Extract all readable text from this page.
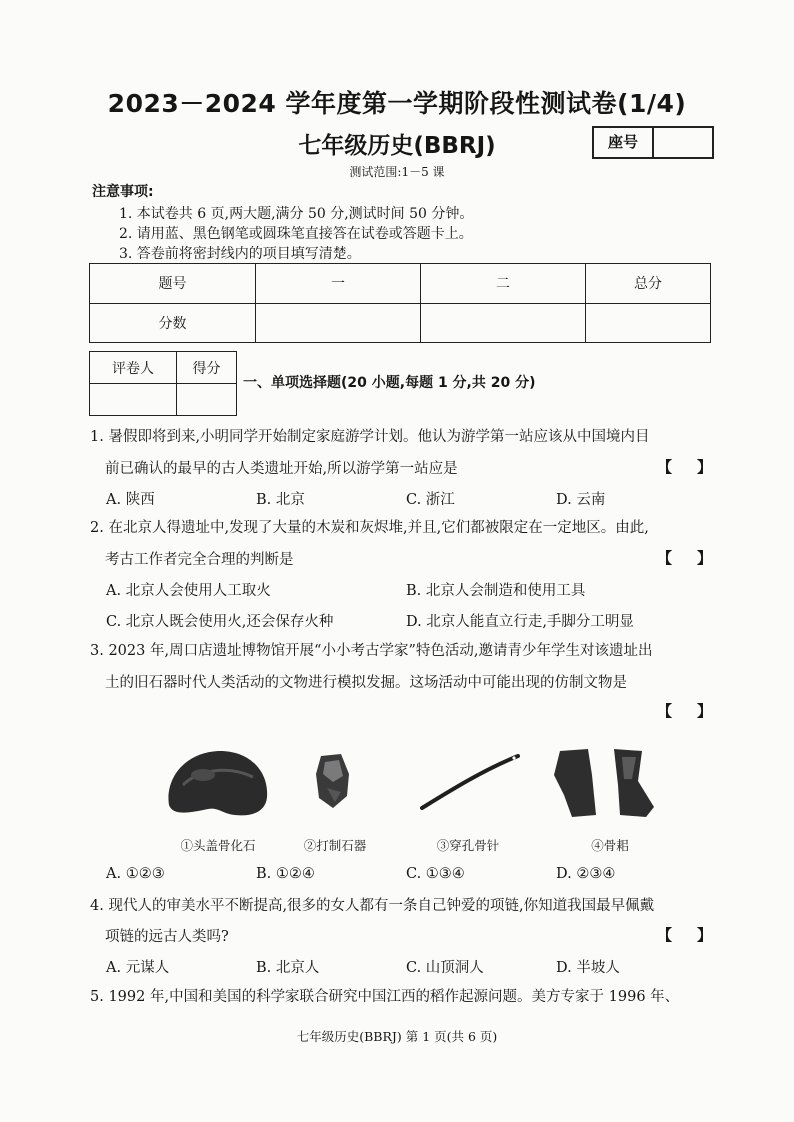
2023－2024 学年度第一学期阶段性测试卷(1/4)
七年级历史(BBRJ)	座号
测试范围:1－5 课
注意事项:
1. 本试卷共 6 页,两大题,满分 50 分,测试时间 50 分钟。
2. 请用蓝、黑色钢笔或圆珠笔直接答在试卷或答题卡上。
3. 答卷前将密封线内的项目填写清楚。
题号	一	二	总分
分数			
评卷人	得分

一、单项选择题(20 小题,每题 1 分,共 20 分)
1. 暑假即将到来,小明同学开始制定家庭游学计划。他认为游学第一站应该从中国境内目
前已确认的最早的古人类遗址开始,所以游学第一站应是	【 】
A. 陕西	B. 北京	C. 浙江	D. 云南
2. 在北京人得遗址中,发现了大量的木炭和灰烬堆,并且,它们都被限定在一定地区。由此,
考古工作者完全合理的判断是	【 】
A. 北京人会使用人工取火	B. 北京人会制造和使用工具
C. 北京人既会使用火,还会保存火种	D. 北京人能直立行走,手脚分工明显
3. 2023 年,周口店遗址博物馆开展“小小考古学家”特色活动,邀请青少年学生对该遗址出
土的旧石器时代人类活动的文物进行模拟发掘。这场活动中可能出现的仿制文物是
【 】
①头盖骨化石	②打制石器	③穿孔骨针	④骨耜
A. ①②③	B. ①②④	C. ①③④	D. ②③④
4. 现代人的审美水平不断提高,很多的女人都有一条自己钟爱的项链,你知道我国最早佩戴
项链的远古人类吗?	【 】
A. 元谋人	B. 北京人	C. 山顶洞人	D. 半坡人
5. 1992 年,中国和美国的科学家联合研究中国江西的稻作起源问题。美方专家于 1996 年、
七年级历史(BBRJ) 第 1 页(共 6 页)
